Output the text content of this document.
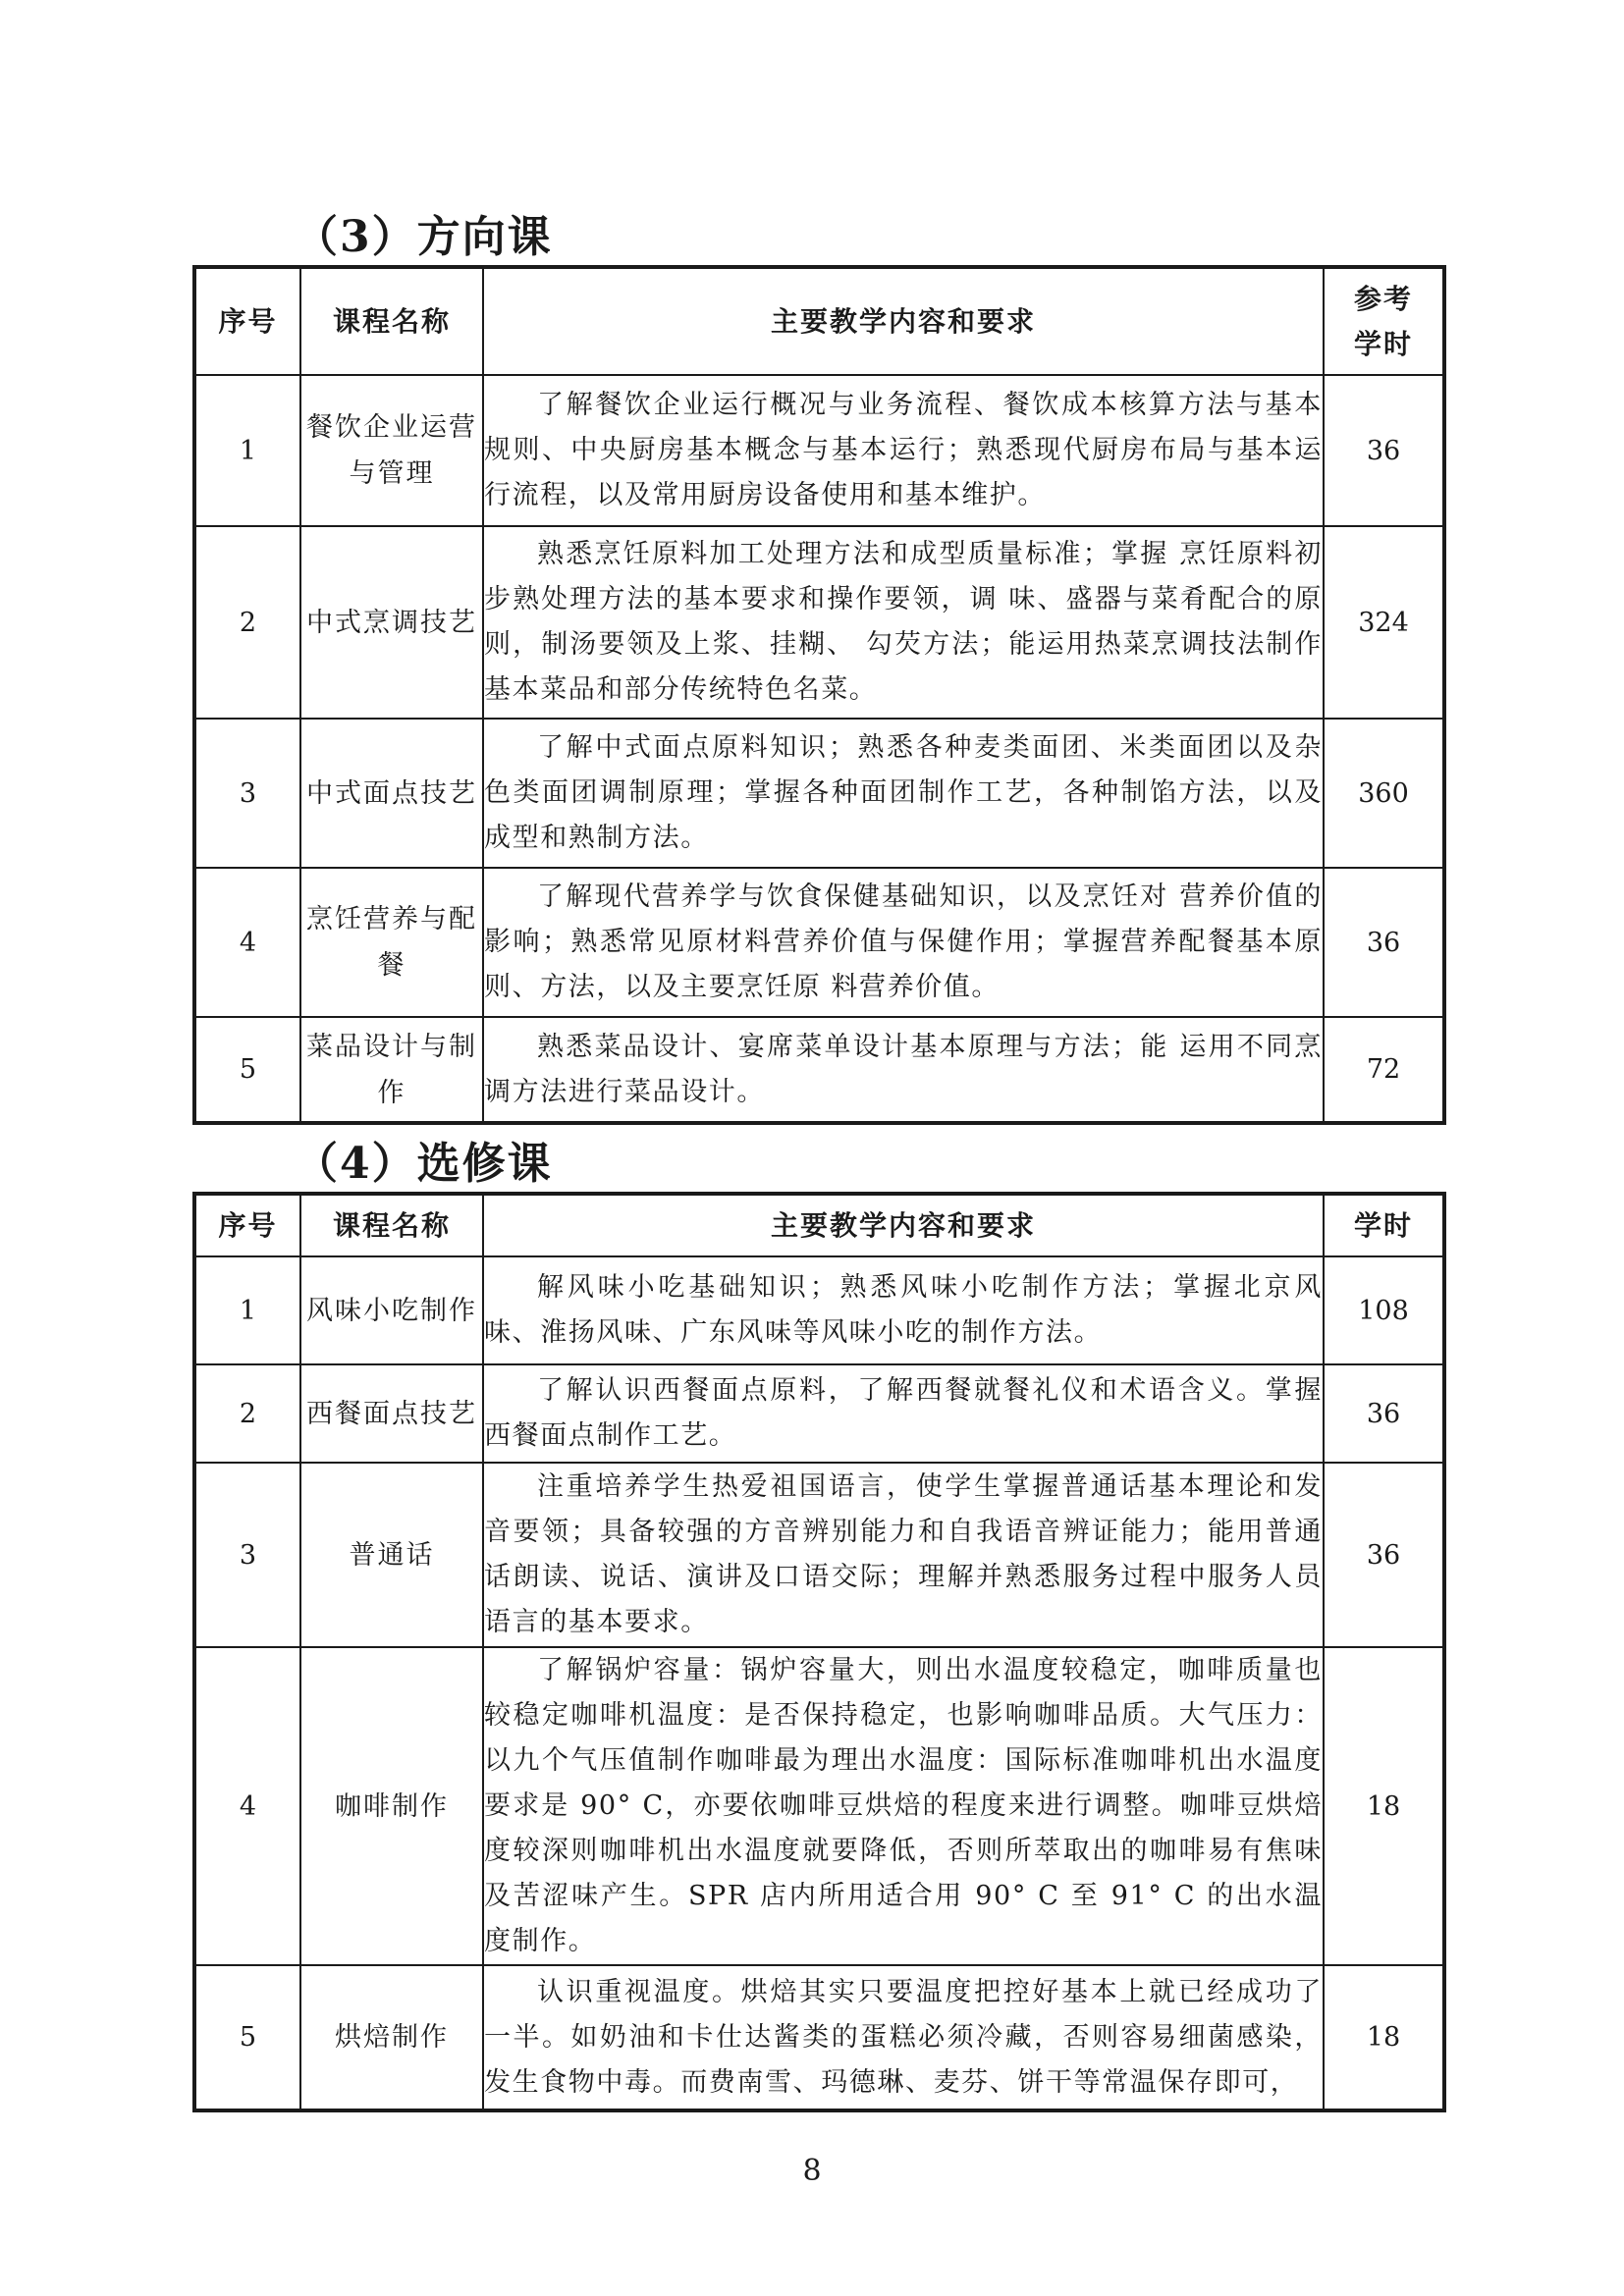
（3）方向课
序号	课程名称	主要教学内容和要求	参考
学时
1	餐饮企业运营与管理	了解餐饮企业运行概况与业务流程、餐饮成本核算方法与基本规则、中央厨房基本概念与基本运行；熟悉现代厨房布局与基本运行流程，以及常用厨房设备使用和基本维护。	36
2	中式烹调技艺	熟悉烹饪原料加工处理方法和成型质量标准；掌握 烹饪原料初步熟处理方法的基本要求和操作要领，调 味、盛器与菜肴配合的原则，制汤要领及上浆、挂糊、 勾芡方法；能运用热菜烹调技法制作基本菜品和部分传统特色名菜。	324
3	中式面点技艺	了解中式面点原料知识；熟悉各种麦类面团、米类面团以及杂色类面团调制原理；掌握各种面团制作工艺，各种制馅方法，以及成型和熟制方法。	360
4	烹饪营养与配餐	了解现代营养学与饮食保健基础知识，以及烹饪对 营养价值的影响；熟悉常见原材料营养价值与保健作用；掌握营养配餐基本原则、方法，以及主要烹饪原 料营养价值。	36
5	菜品设计与制作	熟悉菜品设计、宴席菜单设计基本原理与方法；能 运用不同烹调方法进行菜品设计。	72
（4）选修课
序号	课程名称	主要教学内容和要求	学时
1	风味小吃制作	解风味小吃基础知识；熟悉风味小吃制作方法；掌握北京风味、淮扬风味、广东风味等风味小吃的制作方法。	108
2	西餐面点技艺	了解认识西餐面点原料，了解西餐就餐礼仪和术语含义。掌握西餐面点制作工艺。	36
3	普通话	注重培养学生热爱祖国语言，使学生掌握普通话基本理论和发音要领；具备较强的方音辨别能力和自我语音辨证能力；能用普通话朗读、说话、演讲及口语交际；理解并熟悉服务过程中服务人员语言的基本要求。	36
4	咖啡制作	了解锅炉容量：锅炉容量大，则出水温度较稳定，咖啡质量也较稳定咖啡机温度：是否保持稳定，也影响咖啡品质。大气压力：以九个气压值制作咖啡最为理出水温度：国际标准咖啡机出水温度要求是 90° C，亦要依咖啡豆烘焙的程度来进行调整。咖啡豆烘焙度较深则咖啡机出水温度就要降低，否则所萃取出的咖啡易有焦味及苦涩味产生。SPR 店内所用适合用 90° C 至 91° C 的出水温度制作。	18
5	烘焙制作	认识重视温度。烘焙其实只要温度把控好基本上就已经成功了一半。如奶油和卡仕达酱类的蛋糕必须冷藏，否则容易细菌感染，发生食物中毒。而费南雪、玛德琳、麦芬、饼干等常温保存即可，	18
8
